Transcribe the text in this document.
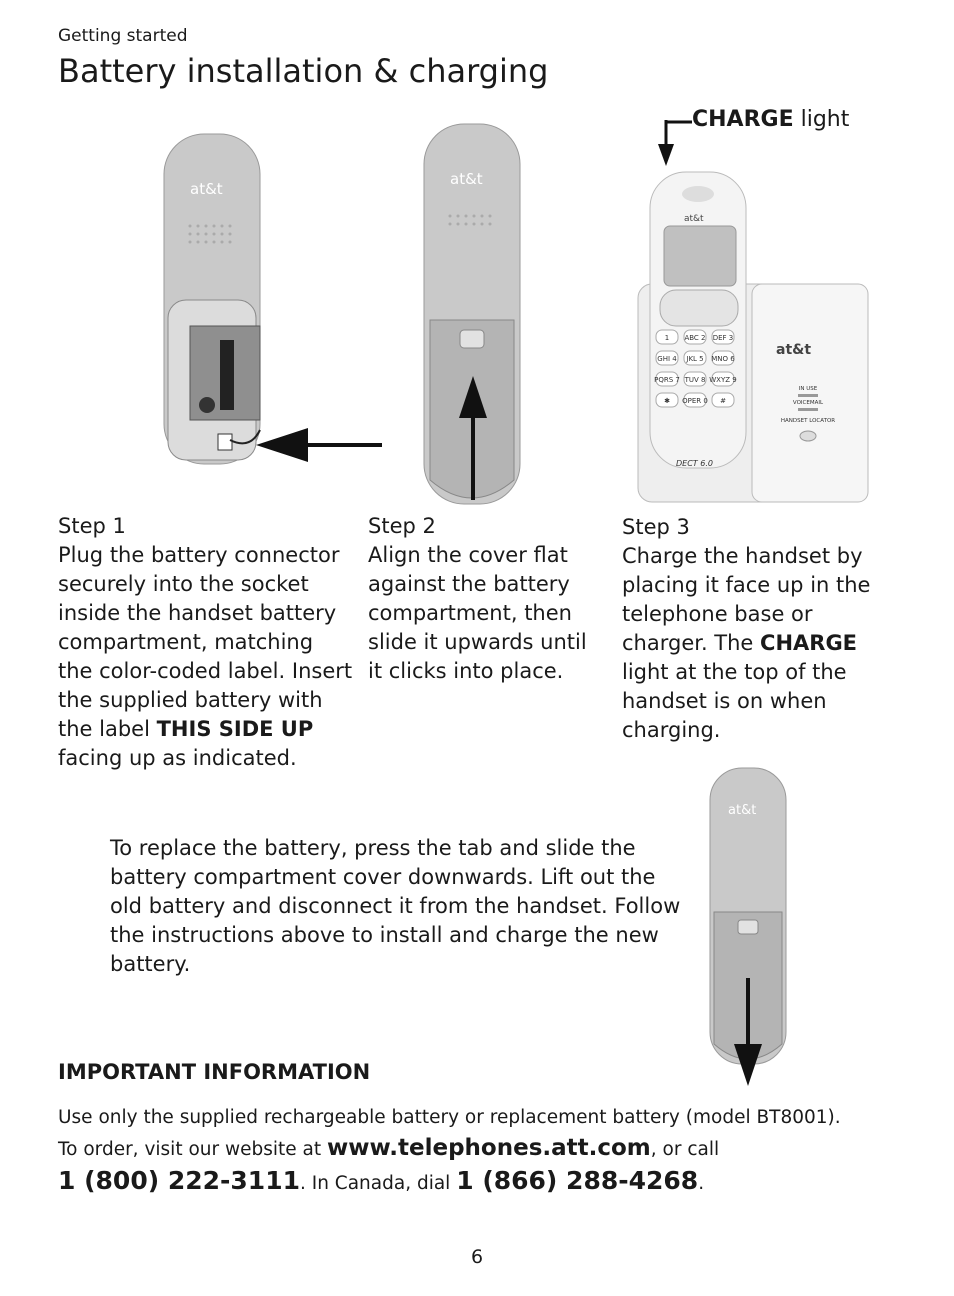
Getting started
Battery installation & charging
at&t
at&t
CHARGE light
at&t
1 ABC 2 DEF 3
GHI 4 JKL 5 MNO 6
PQRS 7 TUV 8 WXYZ 9
✱ OPER 0 #
at&t
IN USE
VOICEMAIL
HANDSET LOCATOR
DECT 6.0
Step 1
Plug the battery connector securely into the socket inside the handset battery compartment, matching the color-coded label. Insert the supplied battery with the label THIS SIDE UP facing up as indicated.
Step 2
Align the cover flat against the battery compartment, then slide it upwards until it clicks into place.
Step 3
Charge the handset by placing it face up in the telephone base or charger. The CHARGE light at the top of the handset is on when charging.
To replace the battery, press the tab and slide the battery compartment cover downwards. Lift out the old battery and disconnect it from the handset. Follow the instructions above to install and charge the new battery.
at&t
IMPORTANT INFORMATION
Use only the supplied rechargeable battery or replacement battery (model BT8001).
To order, visit our website at www.telephones.att.com, or call
1 (800) 222-3111. In Canada, dial 1 (866) 288-4268.
6
